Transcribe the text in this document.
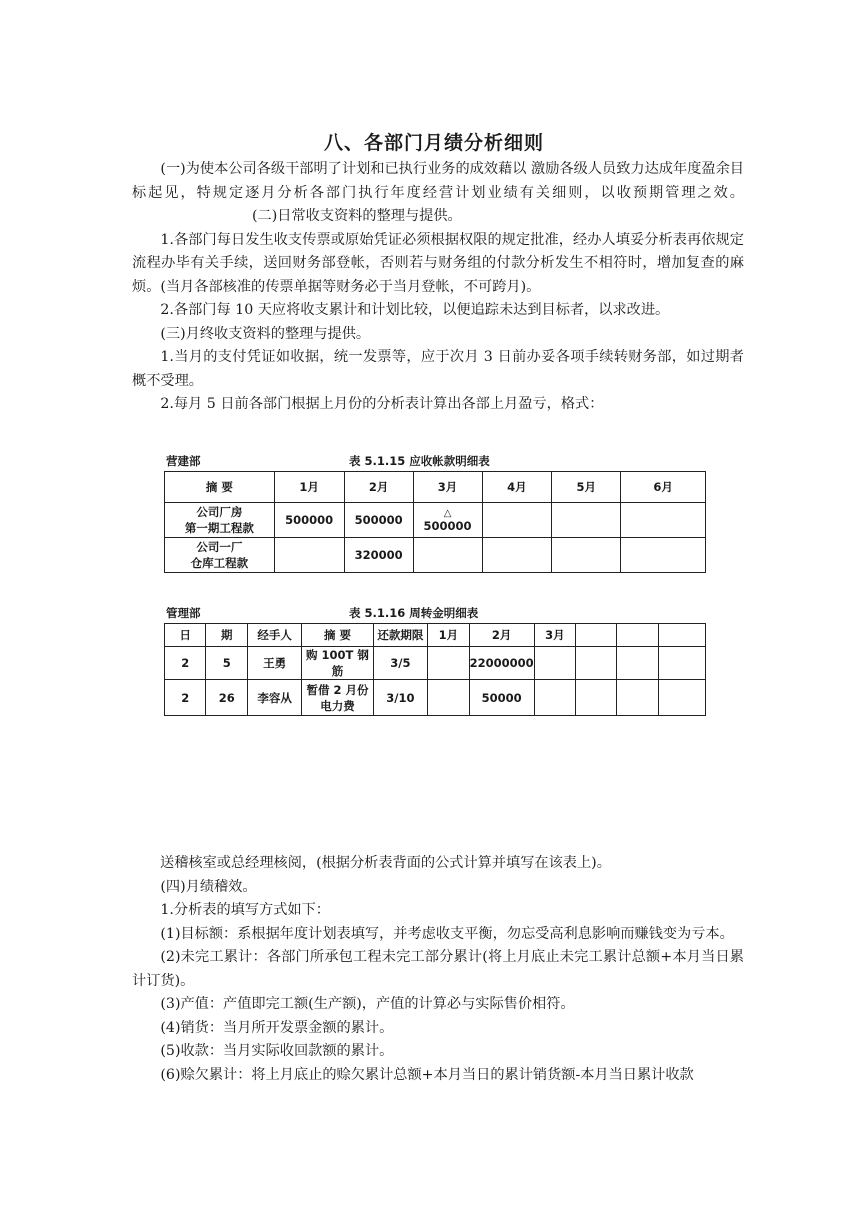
八、各部门月绩分析细则

(一)为使本公司各级干部明了计划和已执行业务的成效藉以 激励各级人员致力达成年度盈余目标起见，特规定逐月分析各部门执行年度经营计划业绩有关细则，以收预期管理之效。(二)日常收支资料的整理与提供。

1.各部门每日发生收支传票或原始凭证必须根据权限的规定批准，经办人填妥分析表再依规定流程办毕有关手续，送回财务部登帐，否则若与财务组的付款分析发生不相符时，增加复查的麻烦。(当月各部核准的传票单据等财务必于当月登帐，不可跨月)。

2.各部门每 10 天应将收支累计和计划比较，以便追踪未达到目标者，以求改进。

(三)月终收支资料的整理与提供。

1.当月的支付凭证如收据，统一发票等，应于次月 3 日前办妥各项手续转财务部，如过期者概不受理。

2.每月 5 日前各部门根据上月份的分析表计算出各部上月盈亏，格式：

营建部	表 5.1.15 应收帐款明细表
摘 要	1月	2月	3月	4月	5月	6月

公司厂房
第一期工程款	500000	500000	△
500000			

公司一厂
仓库工程款		320000				
管理部	表 5.1.16 周转金明细表
日	期	经手人	摘 要	还款期限	1月	2月	3月			
2	5	王勇	购 100T 钢筋	3/5		22000000				
2	26	李容从	暂借 2 月份
电力费	3/10		50000				

送稽核室或总经理核阅，(根据分析表背面的公式计算并填写在该表上)。

(四)月绩稽效。

1.分析表的填写方式如下：

(1)目标额：系根据年度计划表填写，并考虑收支平衡，勿忘受高利息影响而赚钱变为亏本。

(2)未完工累计：各部门所承包工程未完工部分累计(将上月底止未完工累计总额+本月当日累计订货)。

(3)产值：产值即完工额(生产额)，产值的计算必与实际售价相符。

(4)销货：当月所开发票金额的累计。

(5)收款：当月实际收回款额的累计。

(6)赊欠累计：将上月底止的赊欠累计总额+本月当日的累计销货额-本月当日累计收款
